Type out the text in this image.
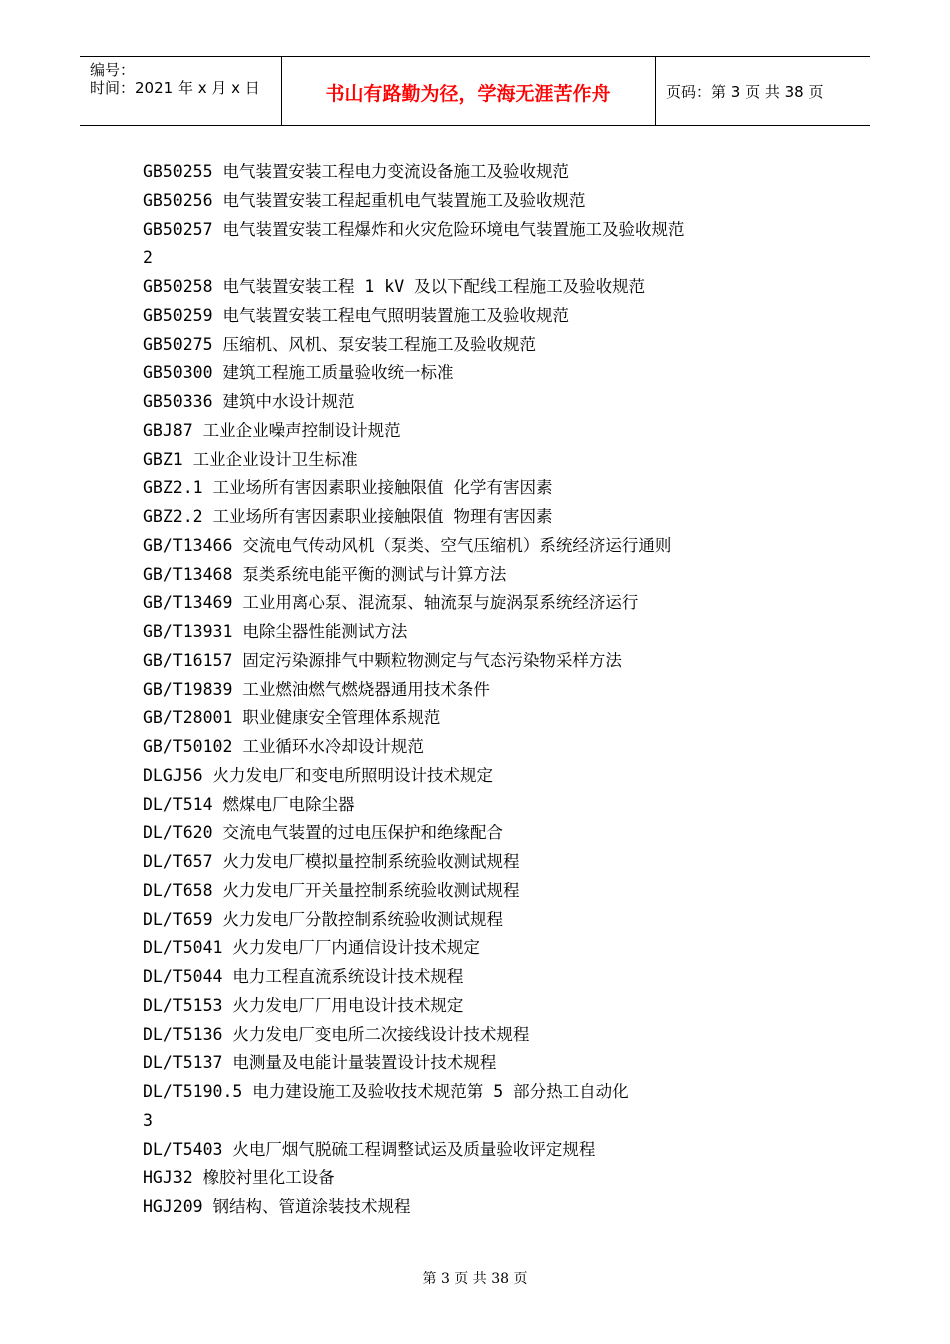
编号：
时间：2021 年 x 月 x 日	书山有路勤为径，学海无涯苦作舟	页码：第 3 页 共 38 页
GB50255 电气装置安装工程电力变流设备施工及验收规范
GB50256 电气装置安装工程起重机电气装置施工及验收规范
GB50257 电气装置安装工程爆炸和火灾危险环境电气装置施工及验收规范
2
GB50258 电气装置安装工程 1 kV 及以下配线工程施工及验收规范
GB50259 电气装置安装工程电气照明装置施工及验收规范
GB50275 压缩机、风机、泵安装工程施工及验收规范
GB50300 建筑工程施工质量验收统一标准
GB50336 建筑中水设计规范
GBJ87 工业企业噪声控制设计规范
GBZ1 工业企业设计卫生标准
GBZ2.1 工业场所有害因素职业接触限值 化学有害因素
GBZ2.2 工业场所有害因素职业接触限值 物理有害因素
GB/T13466 交流电气传动风机（泵类、空气压缩机）系统经济运行通则
GB/T13468 泵类系统电能平衡的测试与计算方法
GB/T13469 工业用离心泵、混流泵、轴流泵与旋涡泵系统经济运行
GB/T13931 电除尘器性能测试方法
GB/T16157 固定污染源排气中颗粒物测定与气态污染物采样方法
GB/T19839 工业燃油燃气燃烧器通用技术条件
GB/T28001 职业健康安全管理体系规范
GB/T50102 工业循环水冷却设计规范
DLGJ56 火力发电厂和变电所照明设计技术规定
DL/T514 燃煤电厂电除尘器
DL/T620 交流电气装置的过电压保护和绝缘配合
DL/T657 火力发电厂模拟量控制系统验收测试规程
DL/T658 火力发电厂开关量控制系统验收测试规程
DL/T659 火力发电厂分散控制系统验收测试规程
DL/T5041 火力发电厂厂内通信设计技术规定
DL/T5044 电力工程直流系统设计技术规程
DL/T5153 火力发电厂厂用电设计技术规定
DL/T5136 火力发电厂变电所二次接线设计技术规程
DL/T5137 电测量及电能计量装置设计技术规程
DL/T5190.5 电力建设施工及验收技术规范第 5 部分热工自动化
3
DL/T5403 火电厂烟气脱硫工程调整试运及质量验收评定规程
HGJ32 橡胶衬里化工设备
HGJ209 钢结构、管道涂装技术规程
第 3 页 共 38 页
